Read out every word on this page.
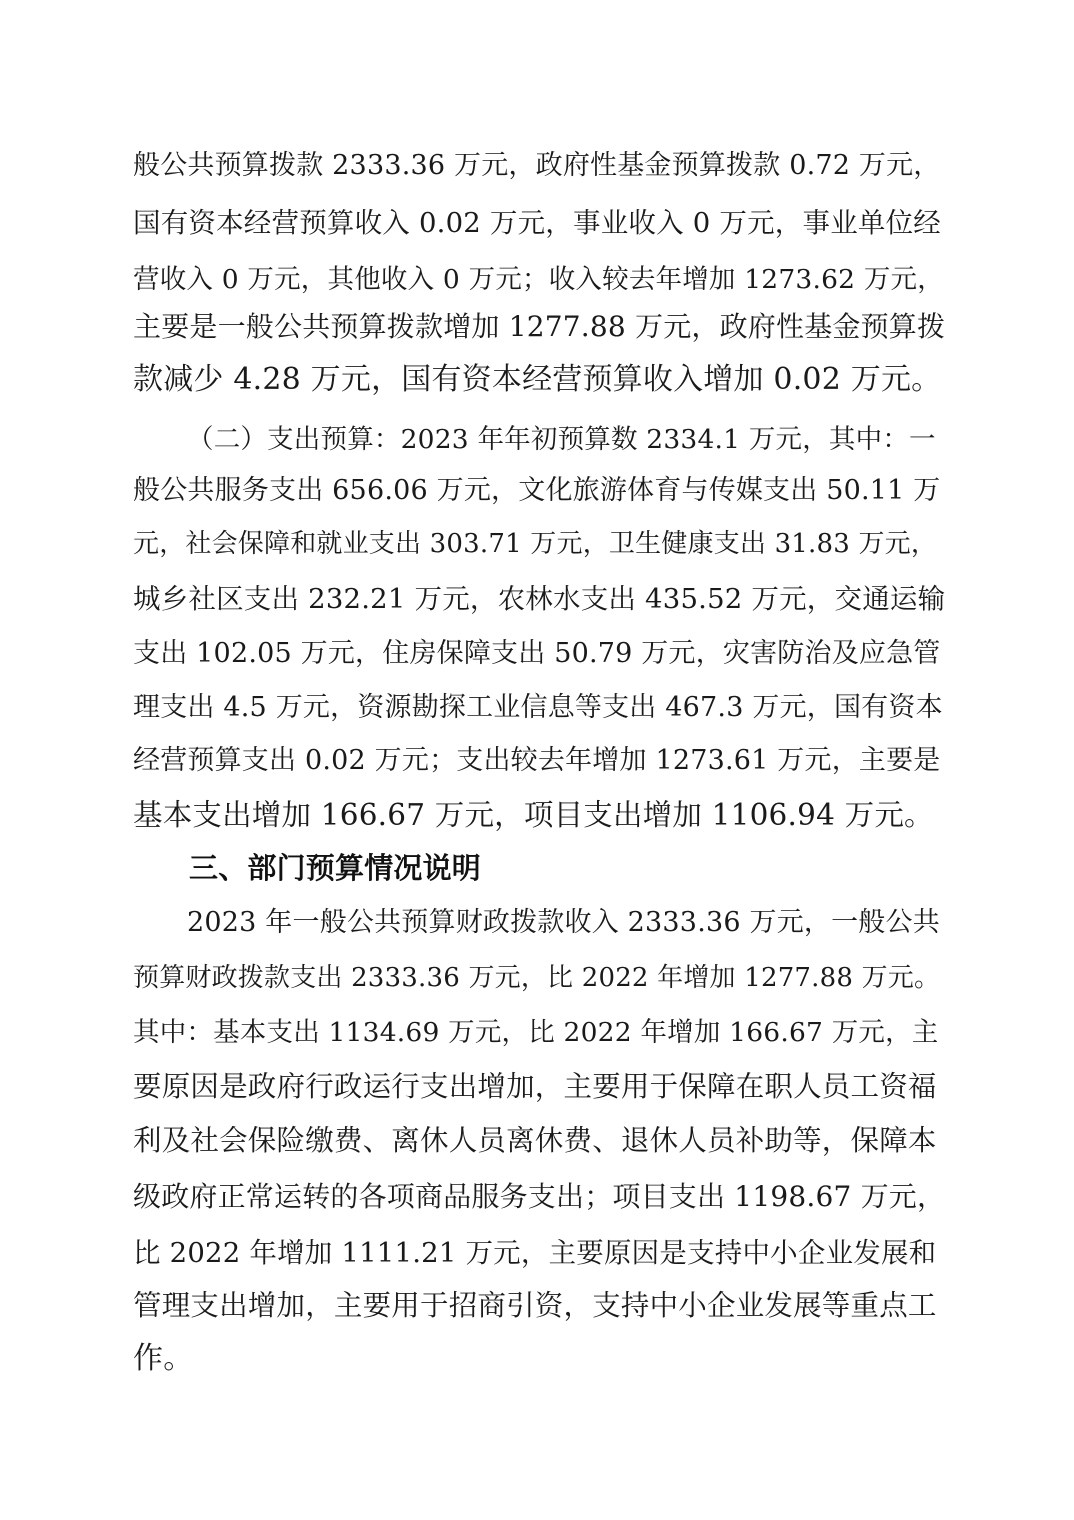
般公共预算拨款 2333.36 万元，政府性基金预算拨款 0.72 万元，
国有资本经营预算收入 0.02 万元，事业收入 0 万元，事业单位经
营收入 0 万元，其他收入 0 万元；收入较去年增加 1273.62 万元，
主要是一般公共预算拨款增加 1277.88 万元，政府性基金预算拨
款减少 4.28 万元，国有资本经营预算收入增加 0.02 万元。
（二）支出预算：2023 年年初预算数 2334.1 万元，其中：一
般公共服务支出 656.06 万元，文化旅游体育与传媒支出 50.11 万
元，社会保障和就业支出 303.71 万元，卫生健康支出 31.83 万元，
城乡社区支出 232.21 万元，农林水支出 435.52 万元，交通运输
支出 102.05 万元，住房保障支出 50.79 万元，灾害防治及应急管
理支出 4.5 万元，资源勘探工业信息等支出 467.3 万元，国有资本
经营预算支出 0.02 万元；支出较去年增加 1273.61 万元，主要是
基本支出增加 166.67 万元，项目支出增加 1106.94 万元。
三、部门预算情况说明
2023 年一般公共预算财政拨款收入 2333.36 万元，一般公共
预算财政拨款支出 2333.36 万元，比 2022 年增加 1277.88 万元。
其中：基本支出 1134.69 万元，比 2022 年增加 166.67 万元，主
要原因是政府行政运行支出增加，主要用于保障在职人员工资福
利及社会保险缴费、离休人员离休费、退休人员补助等，保障本
级政府正常运转的各项商品服务支出；项目支出 1198.67 万元，
比 2022 年增加 1111.21 万元，主要原因是支持中小企业发展和
管理支出增加，主要用于招商引资，支持中小企业发展等重点工
作。
